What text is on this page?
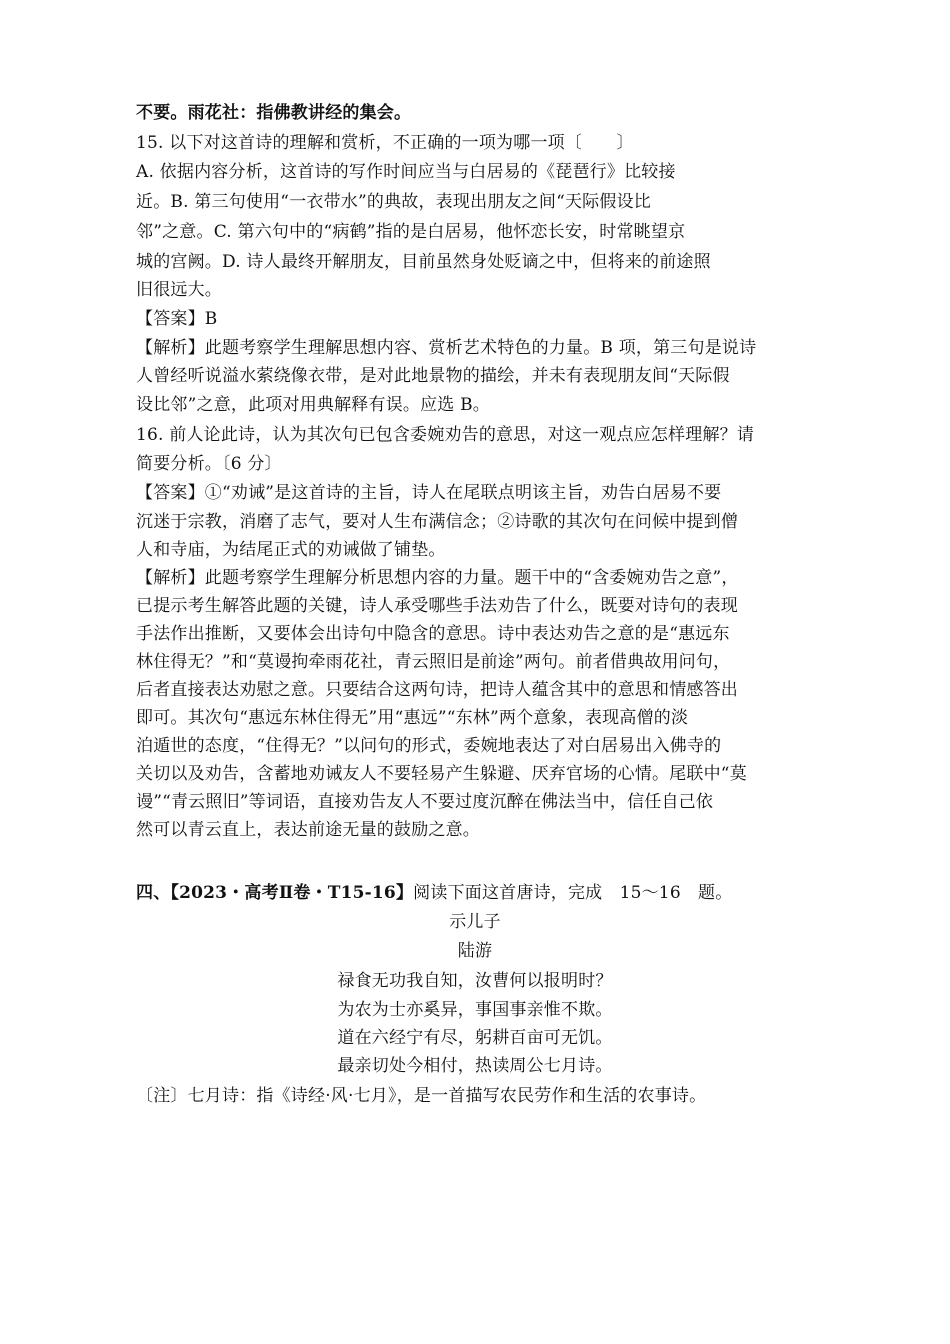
不要。雨花社：指佛教讲经的集会。
15. 以下对这首诗的理解和赏析，不正确的一项为哪一项〔　　〕
A. 依据内容分析，这首诗的写作时间应当与白居易的《琵琶行》比较接
近。B. 第三句使用“一衣带水”的典故，表现出朋友之间“天际假设比
邻”之意。C. 第六句中的“病鹤”指的是白居易，他怀恋长安，时常眺望京
城的宫阙。D. 诗人最终开解朋友，目前虽然身处贬谪之中，但将来的前途照
旧很远大。
【答案】B
【解析】此题考察学生理解思想内容、赏析艺术特色的力量。B 项，第三句是说诗
人曾经听说溢水萦绕像衣带，是对此地景物的描绘，并未有表现朋友间“天际假
设比邻”之意，此项对用典解释有误。应选 B。
16. 前人论此诗，认为其次句已包含委婉劝告的意思，对这一观点应怎样理解？请
简要分析。〔6 分〕
【答案】①“劝诫”是这首诗的主旨，诗人在尾联点明该主旨，劝告白居易不要
沉迷于宗教，消磨了志气，要对人生布满信念；②诗歌的其次句在问候中提到僧
人和寺庙，为结尾正式的劝诫做了铺垫。
【解析】此题考察学生理解分析思想内容的力量。题干中的“含委婉劝告之意”，
已提示考生解答此题的关键，诗人承受哪些手法劝告了什么，既要对诗句的表现
手法作出推断，又要体会出诗句中隐含的意思。诗中表达劝告之意的是“惠远东
林住得无？”和“莫谩拘牵雨花社，青云照旧是前途”两句。前者借典故用问句，
后者直接表达劝慰之意。只要结合这两句诗，把诗人蕴含其中的意思和情感答出
即可。其次句“惠远东林住得无”用“惠远”“东林”两个意象，表现高僧的淡
泊遁世的态度，“住得无？”以问句的形式，委婉地表达了对白居易出入佛寺的
关切以及劝告，含蓄地劝诫友人不要轻易产生躲避、厌弃官场的心情。尾联中“莫
谩”“青云照旧”等词语，直接劝告友人不要过度沉醉在佛法当中，信任自己依
然可以青云直上，表达前途无量的鼓励之意。
四、【2023・高考Ⅱ卷・T15-16】阅读下面这首唐诗，完成　15～16　题。
示儿子
陆游
禄食无功我自知，汝曹何以报明时？
为农为士亦奚异，事国事亲惟不欺。
道在六经宁有尽，躬耕百亩可无饥。
最亲切处今相付，热读周公七月诗。
〔注〕七月诗：指《诗经·风·七月》，是一首描写农民劳作和生活的农事诗。
